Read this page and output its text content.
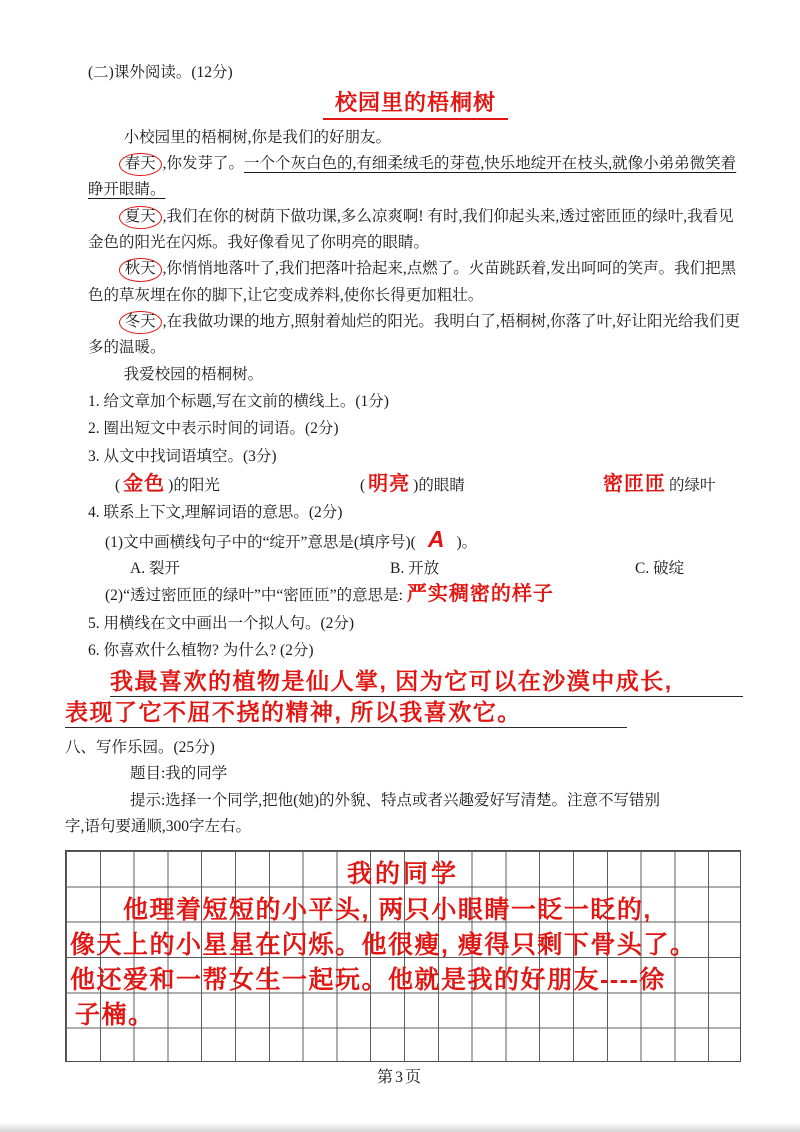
(二)课外阅读。(12分)

校园里的梧桐树

小校园里的梧桐树,你是我们的好朋友。

春天 ,你发芽了。一个个灰白色的,有细柔绒毛的芽苞,快乐地绽开在枝头,就像小弟弟微笑着睁开眼睛。

夏天 ,我们在你的树荫下做功课,多么凉爽啊! 有时,我们仰起头来,透过密匝匝的绿叶,我看见金色的阳光在闪烁。我好像看见了你明亮的眼睛。

秋天 ,你悄悄地落叶了,我们把落叶拾起来,点燃了。火苗跳跃着,发出呵呵的笑声。我们把黑色的草灰埋在你的脚下,让它变成养料,使你长得更加粗壮。

冬天 ,在我做功课的地方,照射着灿烂的阳光。我明白了,梧桐树,你落了叶,好让阳光给我们更多的温暖。

我爱校园的梧桐树。

1. 给文章加个标题,写在文前的横线上。(1分)

2. 圈出短文中表示时间的词语。(2分)

3. 从文中找词语填空。(3分)

( 金色 )的阳光	( 明亮 )的眼睛	密匝匝 的绿叶

4. 联系上下文,理解词语的意思。(2分)

(1)文中画横线句子中的“绽开”意思是(填序号)( A )。

A. 裂开	B. 开放	C. 破绽

(2)“透过密匝匝的绿叶”中“密匝匝”的意思是: 严实稠密的样子

5. 用横线在文中画出一个拟人句。(2分)

6. 你喜欢什么植物? 为什么? (2分)

我最喜欢的植物是仙人掌, 因为它可以在沙漠中成长,
表现了它不屈不挠的精神, 所以我喜欢它。

八、写作乐园。(25分)

题目:我的同学

提示:选择一个同学,把他(她)的外貌、特点或者兴趣爱好写清楚。注意不写错别

字,语句要通顺,300字左右。

我的同学
他理着短短的小平头, 两只小眼睛一眨一眨的,
像天上的小星星在闪烁。他很瘦, 瘦得只剩下骨头了。
他还爱和一帮女生一起玩。他就是我的好朋友----徐
子楠。
第3页
